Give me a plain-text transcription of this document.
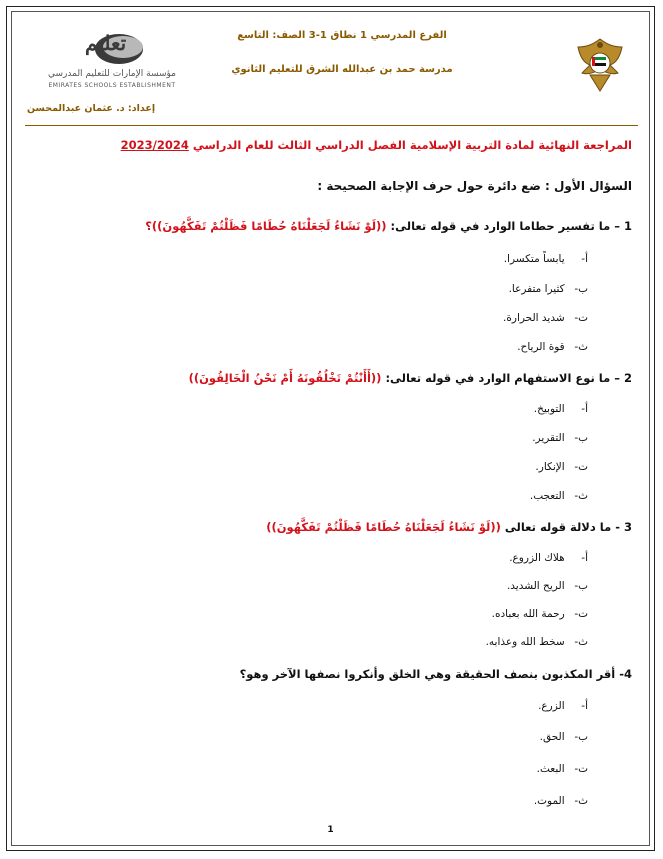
تعليم
مؤسسة الإمارات للتعليم المدرسي
EMIRATES SCHOOLS ESTABLISHMENT
الفرع المدرسي 1 نطاق 1-3 الصف: التاسع
مدرسة حمد بن عبدالله الشرق للتعليم الثانوي
إعداد: د. عثمان عبدالمحسن
المراجعة النهائية لمادة التربية الإسلامية الفصل الدراسي الثالث للعام الدراسي 2023/2024
السؤال الأول : ضع دائرة حول حرف الإجابة الصحيحة :
1 – ما تفسير حطاما الوارد في قوله تعالى: ((لَوْ نَشَاءُ لَجَعَلْنَاهُ حُطَامًا فَظَلْتُمْ تَفَكَّهُونَ))؟
أ- يابساً متكسرا.
ب- كثيرا متفرعا.
ت- شديد الحرارة.
ث- قوة الرياح.
2 – ما نوع الاستفهام الوارد في قوله تعالى: ((أَأَنْتُمْ تَخْلُقُونَهُ أَمْ نَحْنُ الْخَالِقُونَ))
أ- التوبيخ.
ب- التقرير.
ت- الإنكار.
ث- التعجب.
3 - ما دلالة قوله تعالى ((لَوْ نَشَاءُ لَجَعَلْنَاهُ حُطَامًا فَظَلْتُمْ تَفَكَّهُونَ))
أ- هلاك الزروع.
ب- الريح الشديد.
ت- رحمة الله بعباده.
ث- سخط الله وعذابه.
4- أقر المكذبون بنصف الحقيقة وهي الخلق وأنكروا نصفها الآخر وهو؟
أ- الزرع.
ب- الحق.
ت- البعث.
ث- الموت.
1
